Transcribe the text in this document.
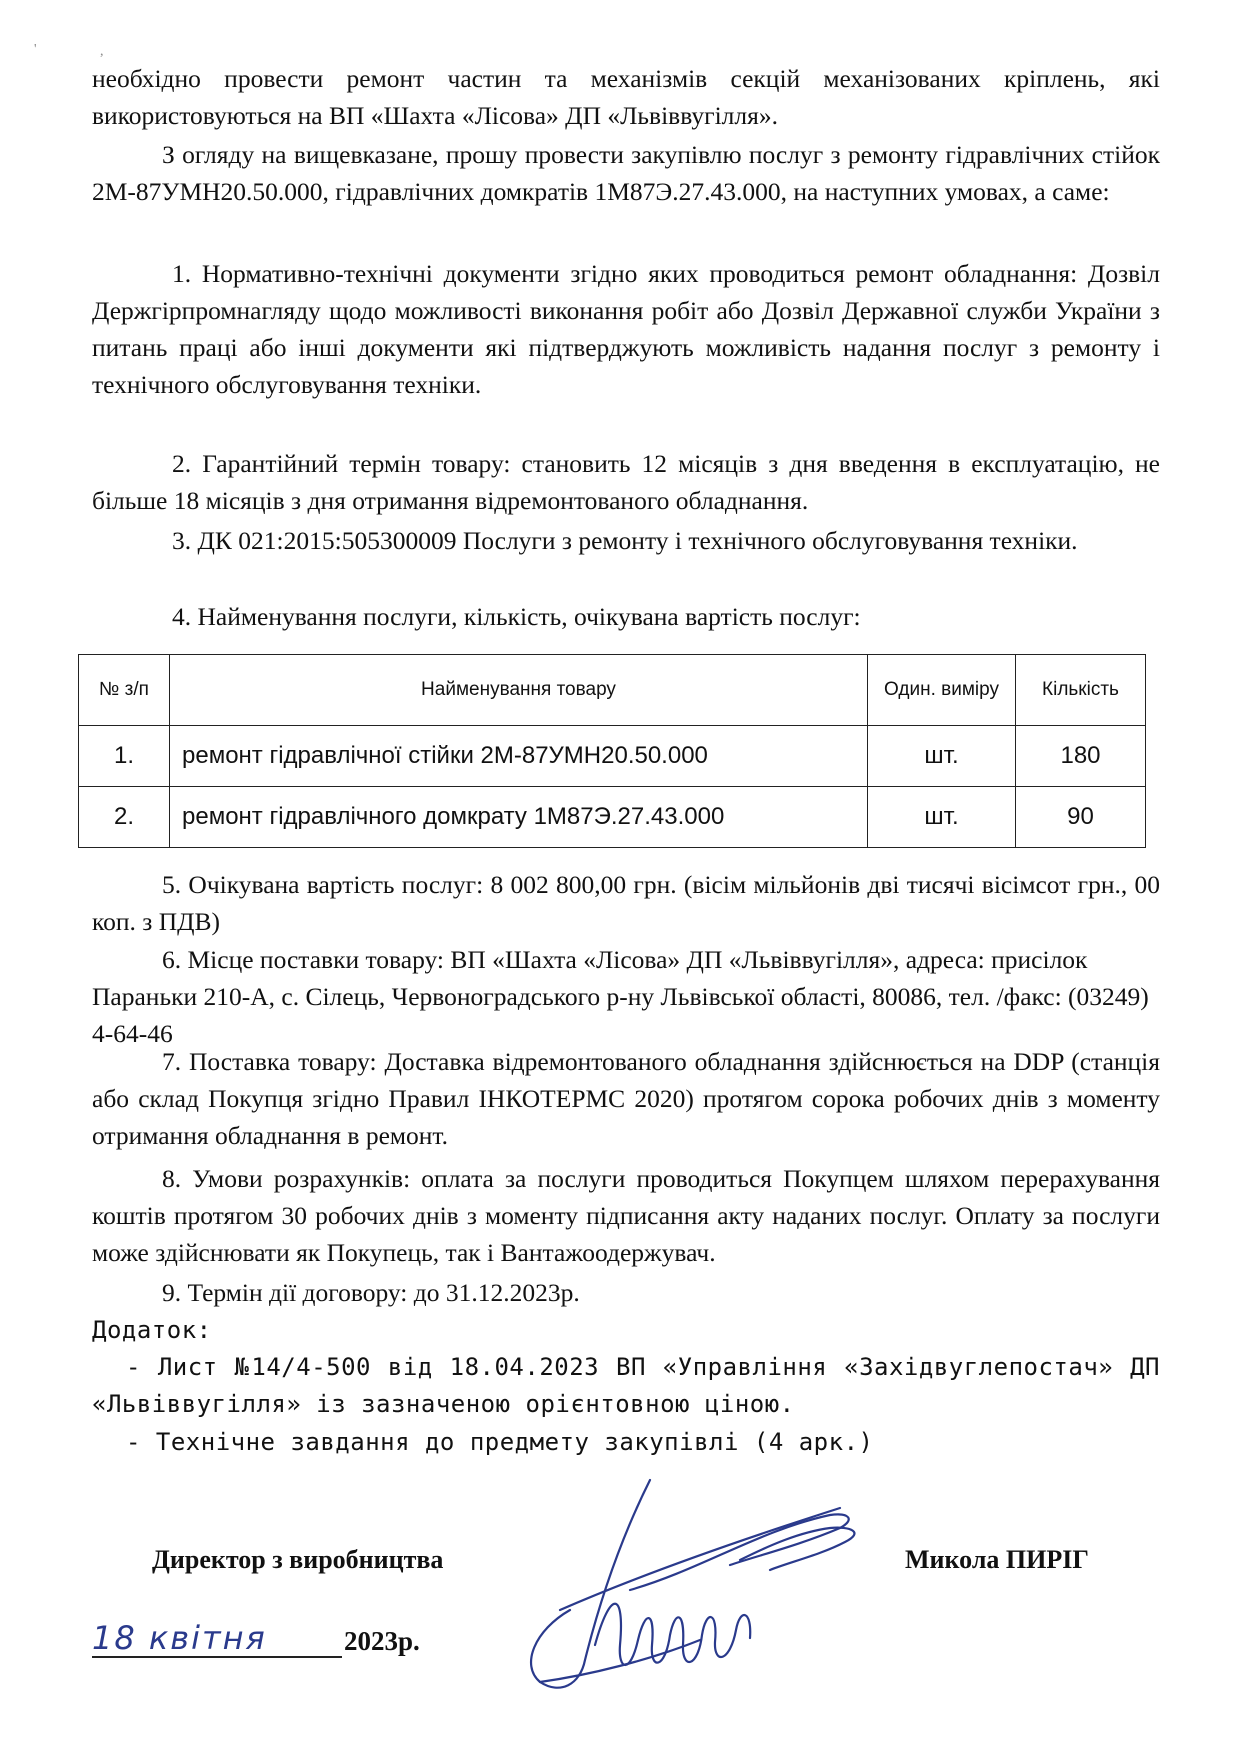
'	,

необхідно провести ремонт частин та механізмів секцій механізованих кріплень, які використовуються на ВП «Шахта «Лісова» ДП «Львіввугілля».

З огляду на вищевказане, прошу провести закупівлю послуг з ремонту гідравлічних стійок 2М-87УМН20.50.000, гідравлічних домкратів 1М87Э.27.43.000, на наступних умовах, а саме:

1. Нормативно-технічні документи згідно яких проводиться ремонт обладнання: Дозвіл Держгірпромнагляду щодо можливості виконання робіт або Дозвіл Державної служби України з питань праці або інші документи які підтверджують можливість надання послуг з ремонту і технічного обслуговування техніки.

2. Гарантійний термін товару: становить 12 місяців з дня введення в експлуатацію, не більше 18 місяців з дня отримання відремонтованого обладнання.

3. ДК 021:2015:505300009 Послуги з ремонту і технічного обслуговування техніки.

4. Найменування послуги, кількість, очікувана вартість послуг:

№ з/п	Найменування товару	Один. виміру	Кількість
1.	ремонт гідравлічної стійки 2М-87УМН20.50.000	шт.	180
2.	ремонт гідравлічного домкрату 1М87Э.27.43.000	шт.	90

5. Очікувана вартість послуг: 8 002 800,00 грн. (вісім мільйонів дві тисячі вісімсот грн., 00 коп. з ПДВ)

6. Місце поставки товару: ВП «Шахта «Лісова» ДП «Львіввугілля», адреса: присілок Параньки 210-А, с. Сілець, Червоноградського р-ну Львівської області, 80086, тел. /факс: (03249) 4-64-46

7. Поставка товару: Доставка відремонтованого обладнання здійснюється на DDP (станція або склад Покупця згідно Правил ІНКОТЕРМС 2020) протягом сорока робочих днів з моменту отримання обладнання в ремонт.

8. Умови розрахунків: оплата за послуги проводиться Покупцем шляхом перерахування коштів протягом 30 робочих днів з моменту підписання акту наданих послуг. Оплату за послуги може здійснювати як Покупець, так і Вантажоодержувач.

9. Термін дії договору: до 31.12.2023р.

Додаток:

- Лист №14/4-500 від 18.04.2023 ВП «Управління «Західвуглепостач» ДП «Львіввугілля» із зазначеною орієнтовною ціною.

- Технічне завдання до предмету закупівлі (4 арк.)

Директор з виробництва	Микола ПИРІГ
18 квітня	2023р.
